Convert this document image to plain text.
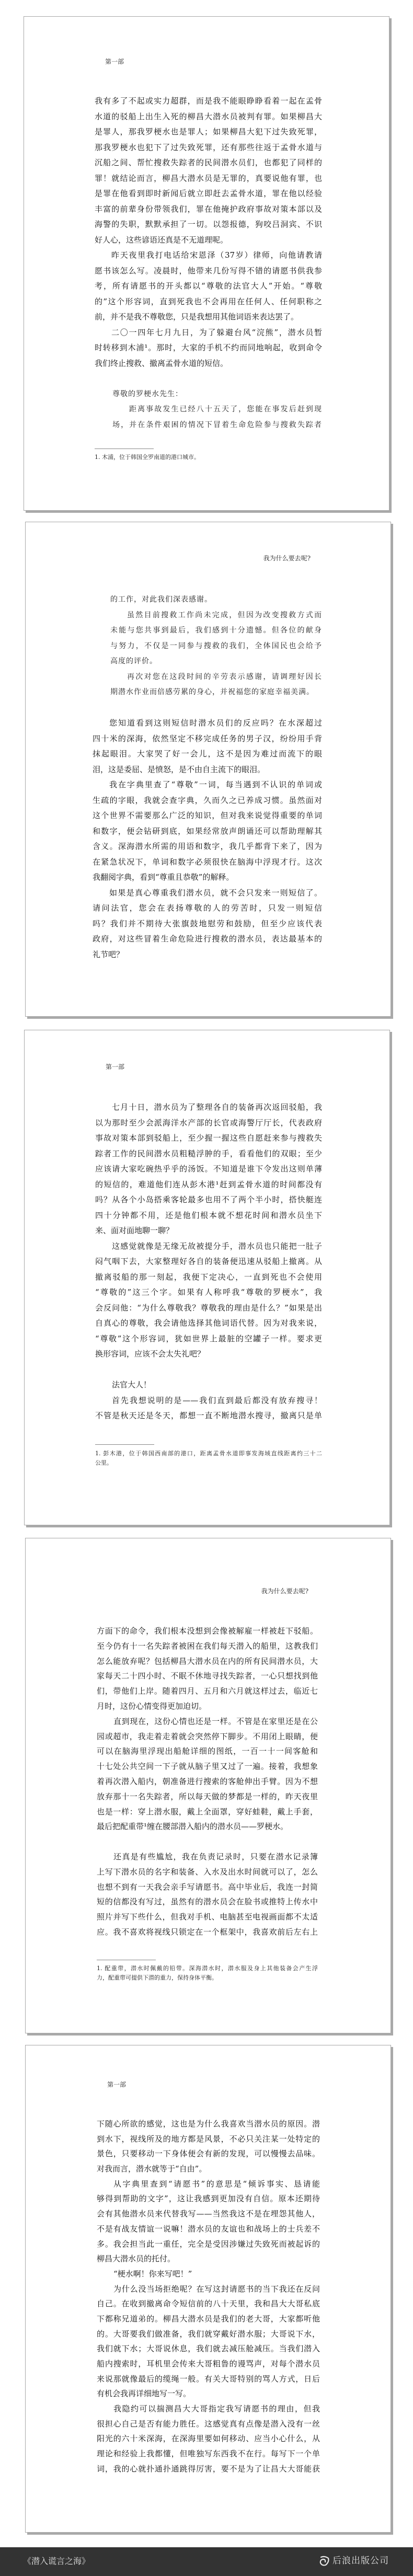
第一部
我有多了不起或实力超群，而是我不能眼睁睁看着一起在孟骨
水道的驳船上出生入死的柳昌大潜水员被判有罪。如果柳昌大
是罪人，那我罗梗水也是罪人；如果柳昌大犯下过失致死罪，
那我罗梗水也犯下了过失致死罪，还有那些往返于孟骨水道与
沉船之间、帮忙搜救失踪者的民间潜水员们，也都犯了同样的
罪！就结论而言，柳昌大潜水员是无罪的，真要说他有罪，也
是罪在他看到即时新闻后就立即赶去孟骨水道，罪在他以经验
丰富的前辈身份带领我们，罪在他掩护政府事故对策本部以及
海警的失职，默默承担了一切。以怨报德，狗咬吕洞宾、不识
好人心，这些谚语还真是不无道理呢。
昨天夜里我打电话给宋恩泽（37岁）律师，向他请教请
愿书该怎么写。凌晨时，他带来几份写得不错的请愿书供我参
考，所有请愿书的开头都以“尊敬的法官大人”开始。“尊敬
的”这个形容词，直到死我也不会再用在任何人、任何职称之
前，并不是我不尊敬您，只是我想用其他词语来表达罢了。
二〇一四年七月九日，为了躲避台风“浣熊”，潜水员暂
时转移到木浦¹。那时，大家的手机不约而同地响起，收到命令
我们终止搜救、撤离孟骨水道的短信。
尊敬的罗梗水先生：
距离事故发生已经八十五天了，您能在事发后赶到现
场，并在条件艰困的情况下冒着生命危险参与搜救失踪者
1. 木浦，位于韩国全罗南道的港口城市。
我为什么要去呢?
的工作，对此我们深表感谢。
虽然目前搜救工作尚未完成，但因为改变搜救方式而
未能与您共事到最后，我们感到十分遗憾。但各位的献身
与努力，不仅是一同参与搜救的我们，全体国民也会给予
高度的评价。
再次对您在这段时间的辛劳表示感谢，请调理好因长
期潜水作业而倍感劳累的身心，并祝福您的家庭幸福美满。
您知道看到这则短信时潜水员们的反应吗？在水深超过
四十米的深海，依然坚定不移完成任务的男子汉，纷纷用手背
抹起眼泪。大家哭了好一会儿，这不是因为难过而流下的眼
泪，这是委屈、是愤怒，是不由自主流下的眼泪。
我在字典里查了“尊敬”一词，每当遇到不认识的单词或
生疏的字眼，我就会查字典，久而久之已养成习惯。虽然面对
这个世界不需要那么广泛的知识，但对我来说觉得重要的单词
和数字，便会钻研到底，如果经常放声朗诵还可以帮助理解其
含义。深海潜水所需的用语和数字，我几乎都背下来了，因为
在紧急状况下，单词和数字必须很快在脑海中浮现才行。这次
我翻阅字典，看到“尊重且恭敬”的解释。
如果是真心尊重我们潜水员，就不会只发来一则短信了。
请问法官，您会在表扬尊敬的人的劳苦时，只发一则短信
吗？我们并不期待大张旗鼓地慰劳和鼓励，但至少应该代表
政府，对这些冒着生命危险进行搜救的潜水员，表达最基本的
礼节吧？
第一部
七月十日，潜水员为了整理各自的装备再次返回驳船，我
以为那时至少会派海洋水产部的长官或海警厅厅长，代表政府
事故对策本部到驳船上，至少握一握这些自愿赶来参与搜救失
踪者工作的民间潜水员粗糙浮肿的手，看看他们的双眼；至少
应该请大家吃碗热乎乎的汤饭。不知道是谁下令发出这则单薄
的短信的，难道他们连从彭木港¹赶到孟骨水道的时间都没有
吗？从各个小岛搭乘客轮最多也用不了两个半小时，搭快艇连
四十分钟都不用，还是他们根本就不想花时间和潜水员坐下
来、面对面地聊一聊？
这感觉就像是无缘无故被提分手，潜水员也只能把一肚子
闷气咽下去，大家整理好各自的装备便迅速从驳船上撤离。从
撤离驳船的那一刻起，我便下定决心，一直到死也不会使用
“尊敬的”这三个字。如果有人称呼我“尊敬的罗梗水”，我
会反问他：“为什么尊敬我？尊敬我的理由是什么？”如果是出
自真心的尊敬，我会请他选择其他词语代替。因为对我来说，
“尊敬”这个形容词，犹如世界上最脏的空罐子一样。要求更
换形容词，应该不会太失礼吧？
法官大人！
首先我想说明的是——我们直到最后都没有放弃搜寻！
不管是秋天还是冬天，都想一直不断地潜水搜寻，撤离只是单
1. 彭木港，位于韩国西南部的港口，距离孟骨水道即事发海域直线距离约三十二
公里。
我为什么要去呢?
方面下的命令，我们根本没想到会像被解雇一样被赶下驳船。
至今仍有十一名失踪者被困在我们每天潜入的船里，这教我们
怎么能放弃呢？包括柳昌大潜水员在内的所有民间潜水员，大
家每天二十四小时、不眠不休地寻找失踪者，一心只想找到他
们，带他们上岸。随着四月、五月和六月就这样过去，临近七
月时，这份心情变得更加迫切。
直到现在，这份心情也还是一样。不管是在家里还是在公
园或超市，我走着走着就会突然停下脚步。不用闭上眼睛，便
可以在脑海里浮现出船舱详细的图纸，一百一十一间客舱和
十七处公共空间一下子就从脑子里又过了一遍。接着，我想象
着再次潜入船内，朝准备进行搜索的客舱伸出手臂。因为不想
放弃那十一名失踪者，所以每天做的梦都是一样的，昨天夜里
也是一样：穿上潜水服，戴上全面罩，穿好蛙鞋，戴上手套，
最后把配重带¹缠在腰部潜入船内的潜水员——罗梗水。
还真是有些尴尬，我在负责记录时，只要在潜水记录簿
上写下潜水员的名字和装备、入水及出水时间就可以了，怎么
也想不到有一天我会亲手写请愿书。高中毕业后，我连一封简
短的信都没有写过，虽然有的潜水员会在脸书或推特上传水中
照片并写下些什么，但我对手机、电脑甚至电视画面都不太适
应。我不喜欢将视线只锁定在一个框架中，我喜欢前后左右上
1. 配重带，潜水时佩戴的铅带。深海潜水时，潜水服及身上其他装备会产生浮
力，配重带可提供下潜的重力，保持身体平衡。
第一部
下随心所欲的感觉，这也是为什么我喜欢当潜水员的原因。潜
到水下，视线所及的地方都是风景，不必只关注某一处特定的
景色，只要移动一下身体便会有新的发现，可以慢慢去品味。
对我而言，潜水就等于“自由”。
从字典里查到“请愿书”的意思是“倾诉事实、恳请能
够得到帮助的文字”，这让我感到更加没有自信。原本还期待
会有其他潜水员来代替我写——当然我这不是在埋怨其他人，
不是有战友情谊一说嘛！潜水员的友谊也和战场上的士兵差不
多。我会担当此一重任，完全是受因涉嫌过失致死而被起诉的
柳昌大潜水员的托付。
“梗水啊！你来写吧！”
为什么没当场拒绝呢？在写这封请愿书的当下我还在反问
自己。在收到撤离命令短信前的八十天里，我和昌大大哥私底
下都称兄道弟的。柳昌大潜水员是我们的老大哥，大家都听他
的。大哥要我们做准备，我们就穿戴好潜水服；大哥说下水，
我们就下水；大哥说休息，我们就去减压舱减压。当我们潜入
船内搜索时，耳机里会传来大哥粗鲁的谩骂声，对每个潜水员
来说那就像最后的缆绳一般。有关大哥特别的骂人方式，日后
有机会我再详细地写一写。
我隐约可以揣测昌大大哥指定我写请愿书的理由，但我
很担心自己是否有能力胜任。这感觉真有点像是潜入没有一丝
阳光的六十米深海，在深海里要如何移动、应当小心什么，从
理论和经验上我都懂，但唯独写东西我不在行。每写下一个单
词，我的心就扑通扑通跳得厉害，要不是为了让昌大大哥能获
《潜入谎言之海》	后浪出版公司
